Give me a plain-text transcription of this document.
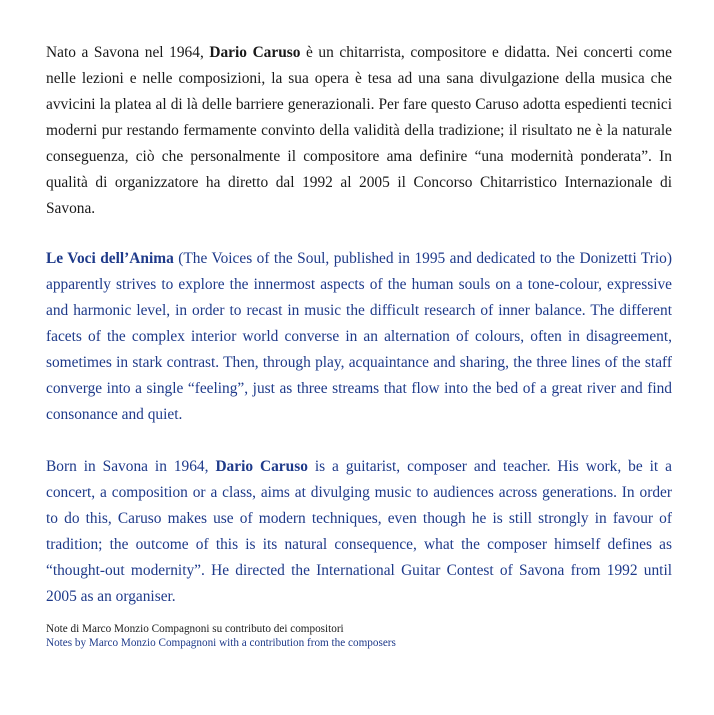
Nato a Savona nel 1964, Dario Caruso è un chitarrista, compositore e didatta. Nei concerti come nelle lezioni e nelle composizioni, la sua opera è tesa ad una sana divulgazione della musica che avvicini la platea al di là delle barriere generazionali. Per fare questo Caruso adotta espedienti tecnici moderni pur restando fermamente convinto della validità della tradizione; il risultato ne è la naturale conseguenza, ciò che personalmente il compositore ama definire “una modernità ponderata”. In qualità di organizzatore ha diretto dal 1992 al 2005 il Concorso Chitarristico Internazionale di Savona.

Le Voci dell’Anima (The Voices of the Soul, published in 1995 and dedicated to the Donizetti Trio) apparently strives to explore the innermost aspects of the human souls on a tone-colour, expressive and harmonic level, in order to recast in music the difficult research of inner balance. The different facets of the complex interior world converse in an alternation of colours, often in disagreement, sometimes in stark contrast. Then, through play, acquaintance and sharing, the three lines of the staff converge into a single “feeling”, just as three streams that flow into the bed of a great river and find consonance and quiet.

Born in Savona in 1964, Dario Caruso is a guitarist, composer and teacher. His work, be it a concert, a composition or a class, aims at divulging music to audiences across generations. In order to do this, Caruso makes use of modern techniques, even though he is still strongly in favour of tradition; the outcome of this is its natural consequence, what the composer himself defines as “thought-out modernity”. He directed the International Guitar Contest of Savona from 1992 until 2005 as an organiser.

Note di Marco Monzio Compagnoni su contributo dei compositori
Notes by Marco Monzio Compagnoni with a contribution from the composers
